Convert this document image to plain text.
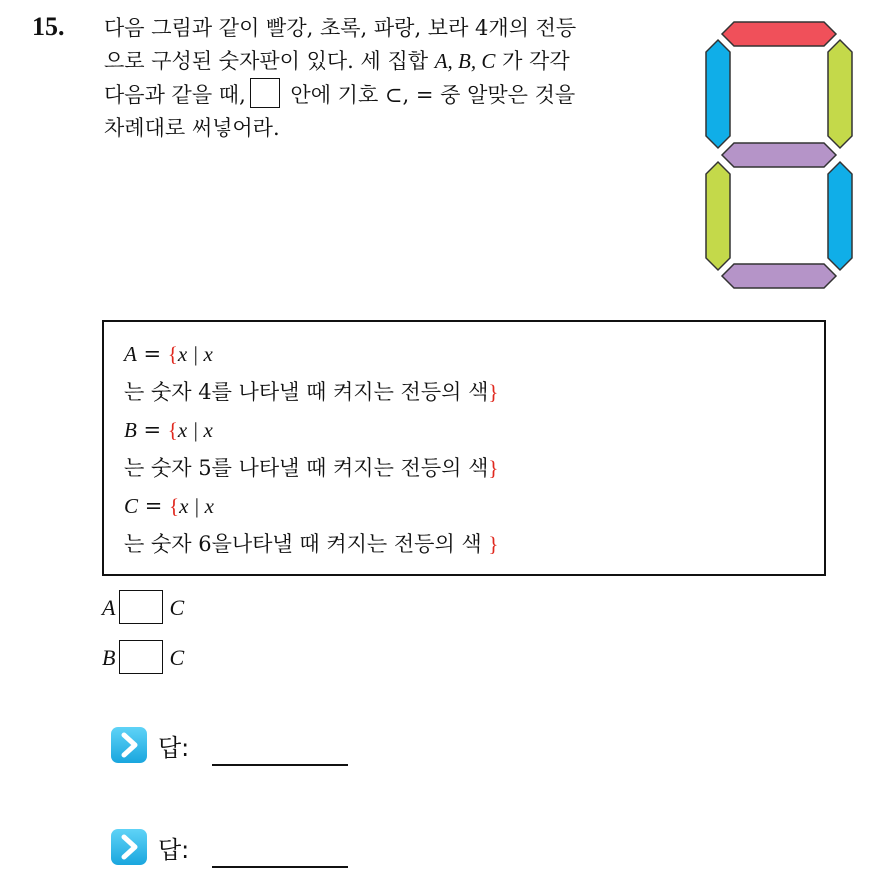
15. 다음 그림과 같이 빨강, 초록, 파랑, 보라 4개의 전등
으로 구성된 숫자판이 있다. 세 집합 A, B, C 가 각각
다음과 같을 때, 안에 기호 ⊂, = 중 알맞은 것을
차례대로 써넣어라.
A = {x | x
는 숫자 4를 나타낼 때 켜지는 전등의 색}
B = {x | x
는 숫자 5를 나타낼 때 켜지는 전등의 색}
C = {x | x
는 숫자 6을나타낼 때 켜지는 전등의 색 }
A C
B C
답:
답:
